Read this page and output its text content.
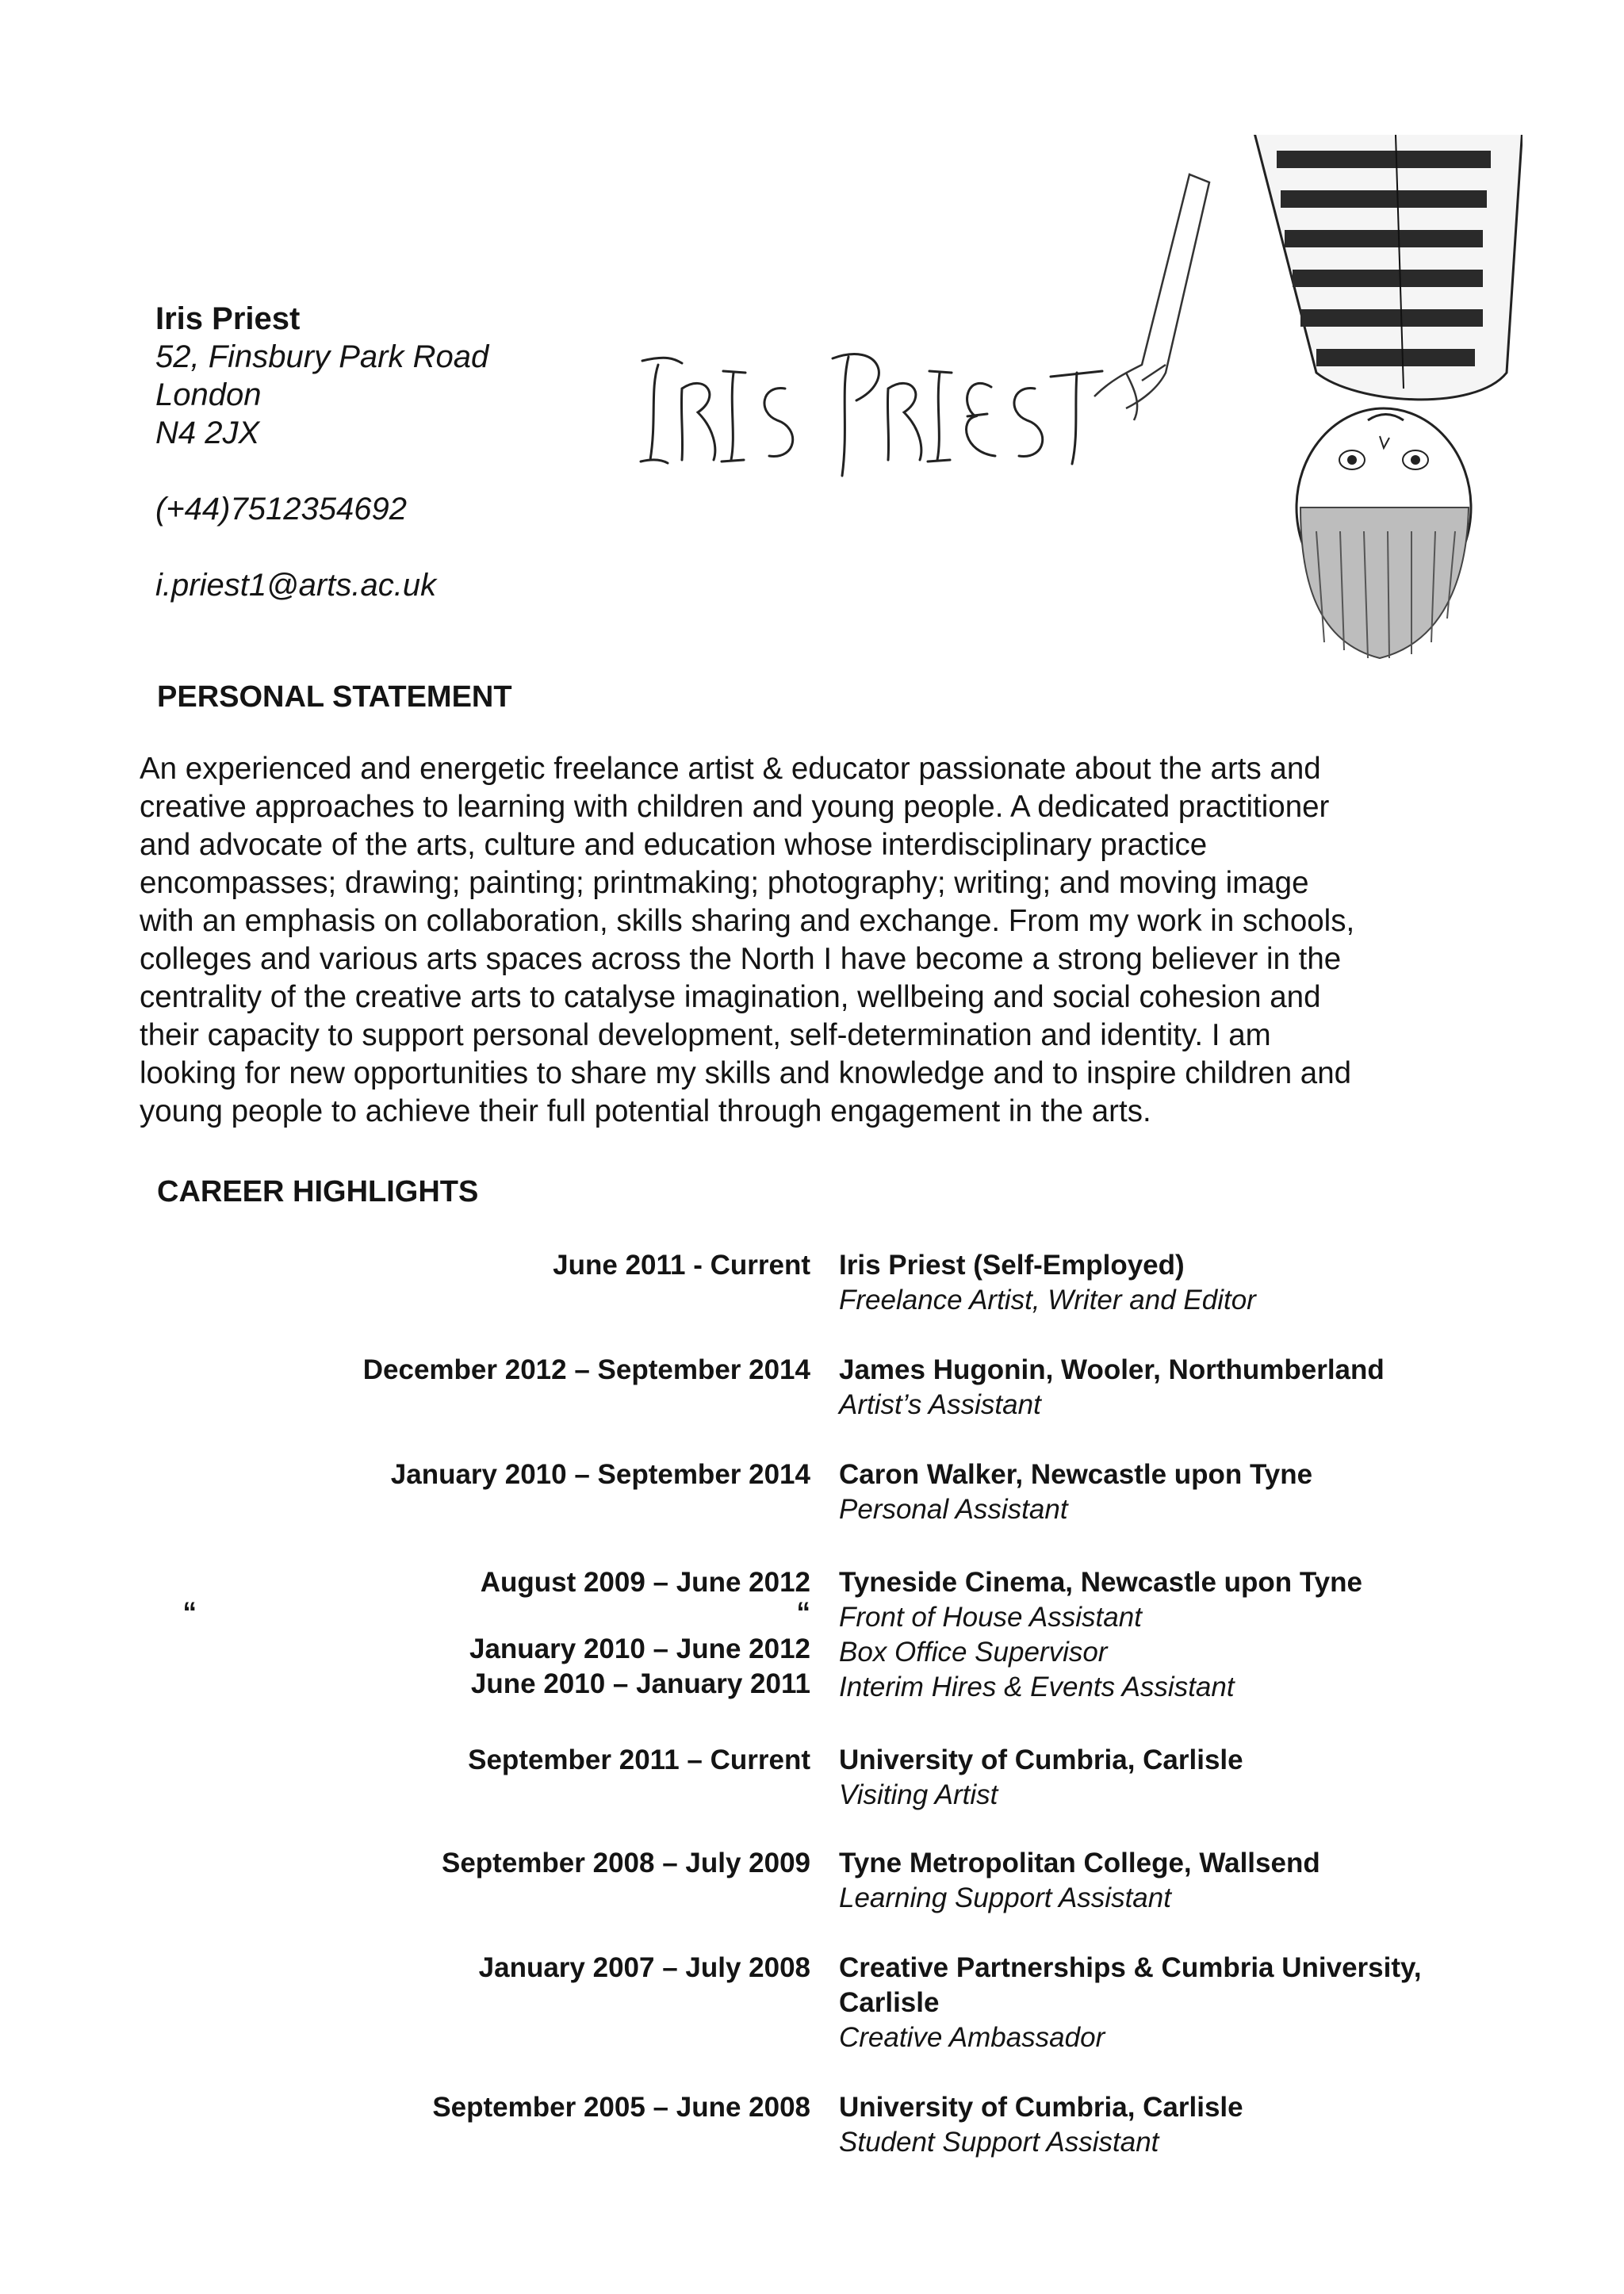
Iris Priest
52, Finsbury Park Road
London
N4 2JX
(+44)7512354692
i.priest1@arts.ac.uk
PERSONAL STATEMENT
An experienced and energetic freelance artist & educator passionate about the arts and
creative approaches to learning with children and young people. A dedicated practitioner
and advocate of the arts, culture and education whose interdisciplinary practice
encompasses; drawing; painting; printmaking; photography; writing; and moving image
with an emphasis on collaboration, skills sharing and exchange. From my work in schools,
colleges and various arts spaces across the North I have become a strong believer in the
centrality of the creative arts to catalyse imagination, wellbeing and social cohesion and
their capacity to support personal development, self-determination and identity. I am
looking for new opportunities to share my skills and knowledge and to inspire children and
young people to achieve their full potential through engagement in the arts.
CAREER HIGHLIGHTS
June 2011 - Current Iris Priest (Self-Employed)
Freelance Artist, Writer and Editor
December 2012 – September 2014 James Hugonin, Wooler, Northumberland
Artist’s Assistant
January 2010 – September 2014 Caron Walker, Newcastle upon Tyne
Personal Assistant
August 2009 – June 2012
“	“
January 2010 – June 2012
June 2010 – January 2011
Tyneside Cinema, Newcastle upon Tyne
Front of House Assistant
Box Office Supervisor
Interim Hires & Events Assistant
September 2011 – Current University of Cumbria, Carlisle
Visiting Artist
September 2008 – July 2009 Tyne Metropolitan College, Wallsend
Learning Support Assistant
January 2007 – July 2008 Creative Partnerships & Cumbria University,
Carlisle
Creative Ambassador
September 2005 – June 2008 University of Cumbria, Carlisle
Student Support Assistant
